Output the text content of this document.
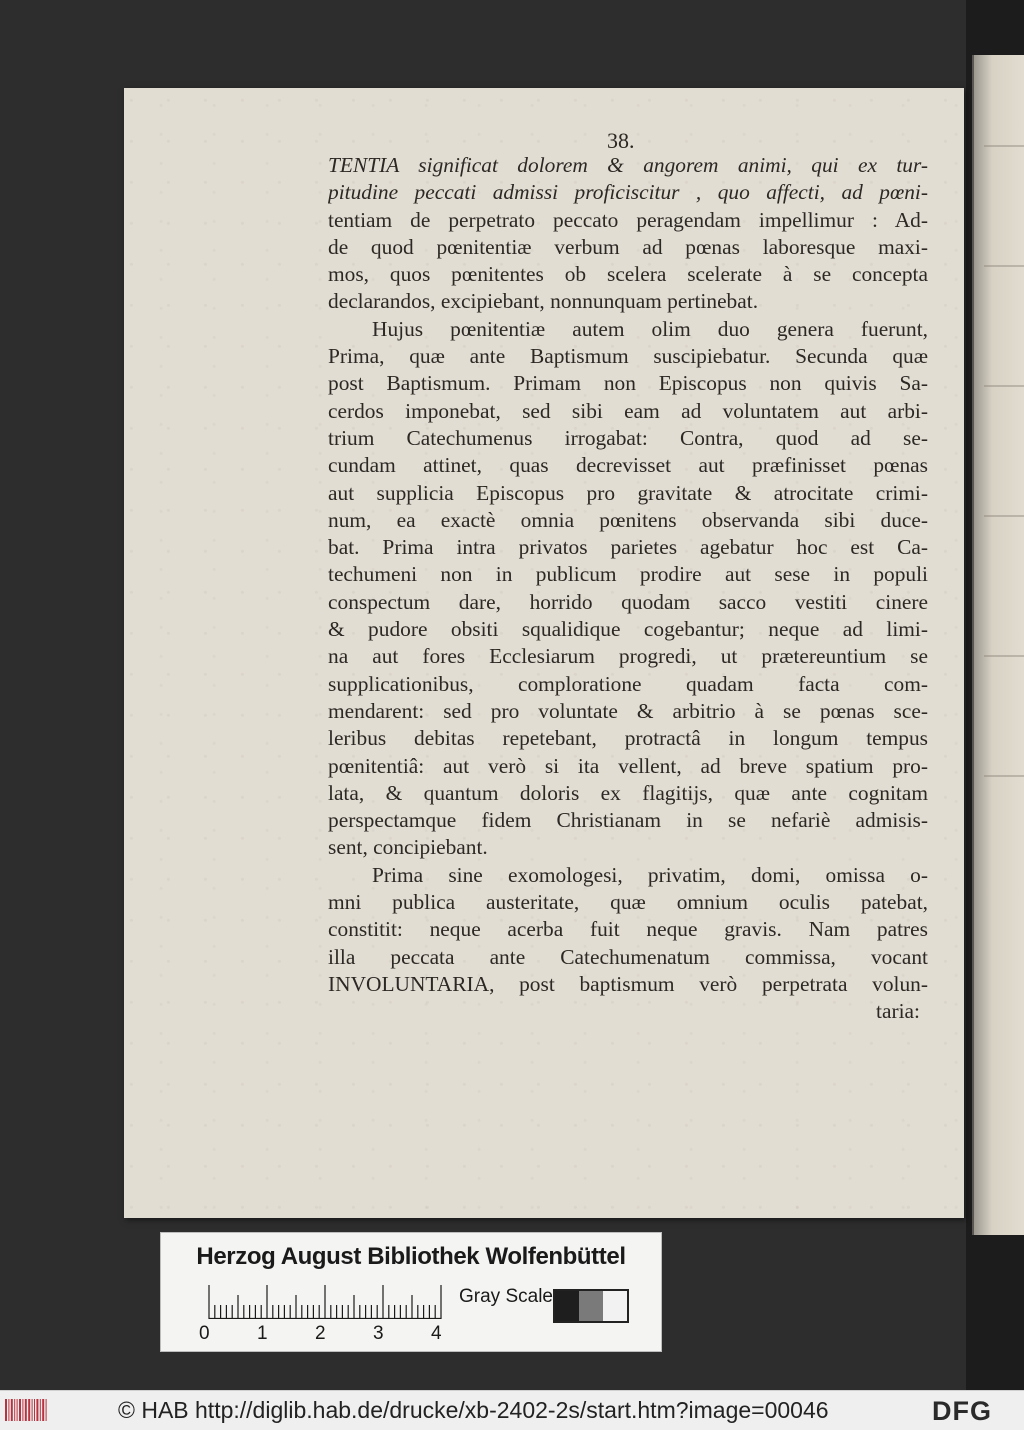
38.
TENTIA significat dolorem & angorem animi, qui ex tur-
pitudine peccati admissi proficiscitur , quo affecti, ad pœni-
tentiam de perpetrato peccato peragendam impellimur : Ad-
de quod pœnitentiæ verbum ad pœnas laboresque maxi-
mos, quos pœnitentes ob scelera scelerate à se concepta
declarandos, excipiebant, nonnunquam pertinebat.
Hujus pœnitentiæ autem olim duo genera fuerunt,
Prima, quæ ante Baptismum suscipiebatur. Secunda quæ
post Baptismum. Primam non Episcopus non quivis Sa-
cerdos imponebat, sed sibi eam ad voluntatem aut arbi-
trium Catechumenus irrogabat: Contra, quod ad se-
cundam attinet, quas decrevisset aut præfinisset pœnas
aut supplicia Episcopus pro gravitate & atrocitate crimi-
num, ea exactè omnia pœnitens observanda sibi duce-
bat. Prima intra privatos parietes agebatur hoc est Ca-
techumeni non in publicum prodire aut sese in populi
conspectum dare, horrido quodam sacco vestiti cinere
& pudore obsiti squalidique cogebantur; neque ad limi-
na aut fores Ecclesiarum progredi, ut prætereuntium se
supplicationibus, comploratione quadam facta com-
mendarent: sed pro voluntate & arbitrio à se pœnas sce-
leribus debitas repetebant, protractâ in longum tempus
pœnitentiâ: aut verò si ita vellent, ad breve spatium pro-
lata, & quantum doloris ex flagitijs, quæ ante cognitam
perspectamque fidem Christianam in se nefariè admisis-
sent, concipiebant.
Prima sine exomologesi, privatim, domi, omissa o-
mni publica austeritate, quæ omnium oculis patebat,
constitit: neque acerba fuit neque gravis. Nam patres
illa peccata ante Catechumenatum commissa, vocant
INVOLUNTARIA, post baptismum verò perpetrata volun-
taria:
Herzog August Bibliothek Wolfenbüttel
0 1 2 3 4
Gray Scale
© HAB http://diglib.hab.de/drucke/xb-2402-2s/start.htm?image=00046	DFG
